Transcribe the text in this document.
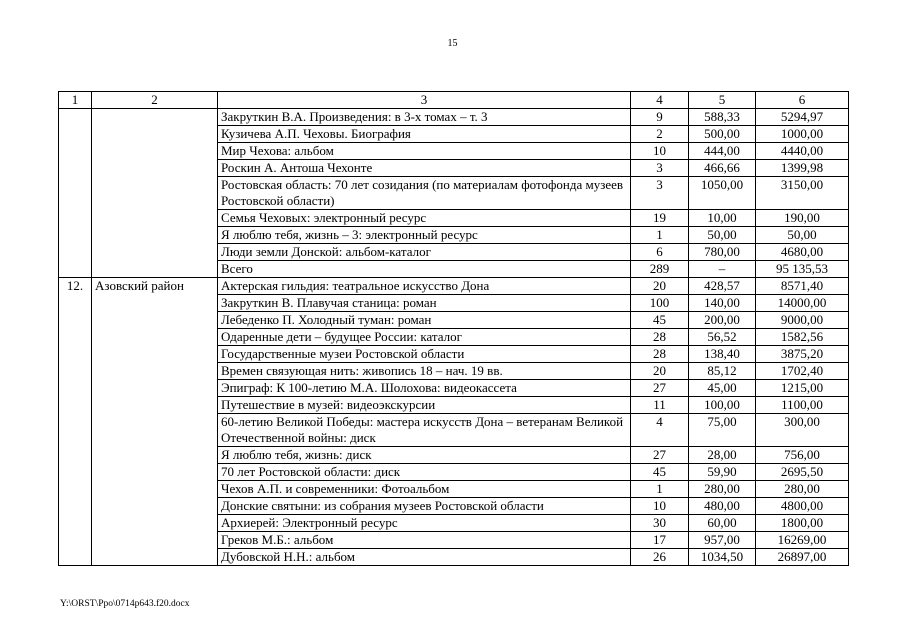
15
1	2	3	4	5	6
		Закруткин В.А. Произведения: в 3-х томах – т. 3	9	588,33	5294,97
		Кузичева А.П. Чеховы. Биография	2	500,00	1000,00
		Мир Чехова: альбом	10	444,00	4440,00
		Роскин А. Антоша Чехонте	3	466,66	1399,98
		Ростовская область: 70 лет созидания (по материалам фотофонда музеев Ростовской области)	3	1050,00	3150,00
		Семья Чеховых: электронный ресурс	19	10,00	190,00
		Я люблю тебя, жизнь – 3: электронный ресурс	1	50,00	50,00
		Люди земли Донской: альбом-каталог	6	780,00	4680,00
		Всего	289	–	95 135,53
12.	Азовский район	Актерская гильдия: театральное искусство Дона	20	428,57	8571,40
		Закруткин В. Плавучая станица: роман	100	140,00	14000,00
		Лебеденко П. Холодный туман: роман	45	200,00	9000,00
		Одаренные дети – будущее России: каталог	28	56,52	1582,56
		Государственные музеи Ростовской области	28	138,40	3875,20
		Времен связующая нить: живопись 18 – нач. 19 вв.	20	85,12	1702,40
		Эпиграф: К 100-летию М.А. Шолохова: видеокассета	27	45,00	1215,00
		Путешествие в музей: видеоэкскурсии	11	100,00	1100,00
		60-летию Великой Победы: мастера искусств Дона – ветеранам Великой Отечественной войны: диск	4	75,00	300,00
		Я люблю тебя, жизнь: диск	27	28,00	756,00
		70 лет Ростовской области: диск	45	59,90	2695,50
		Чехов А.П. и современники: Фотоальбом	1	280,00	280,00
		Донские святыни: из собрания музеев Ростовской области	10	480,00	4800,00
		Архиерей: Электронный ресурс	30	60,00	1800,00
		Греков М.Б.: альбом	17	957,00	16269,00
		Дубовской Н.Н.: альбом	26	1034,50	26897,00
Y:\ORST\Ppo\0714p643.f20.docx
